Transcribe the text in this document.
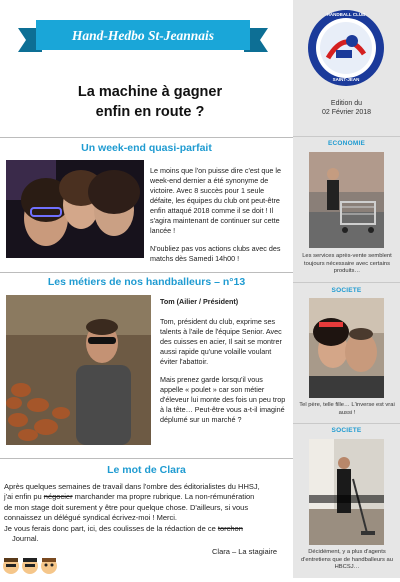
Hand-Hedbo St-Jeannais
La machine à gagner
enfin en route ?
Un week-end quasi-parfait
Le moins que l'on puisse dire c'est que le week-end dernier a été synonyme de victoire. Avec 8 succès pour 1 seule défaite, les équipes du club ont peut-être enfin attaqué 2018 comme il se doit ! Il s'agira maintenant de continuer sur cette lancée !
N'oubliez pas vos actions clubs avec des matchs dès Samedi 14h00 !
Les métiers de nos handballeurs – n°13
Tom (Ailier / Président)
Tom, président du club, exprime ses talents à l'aile de l'équipe Senior. Avec des cuisses en acier, Il sait se montrer aussi rapide qu'une volaille voulant éviter l'abattoir.
Mais prenez garde lorsqu'il vous appelle « poulet » car son métier d'éleveur lui monte des fois un peu trop à la tête… Peut-être vous a-t-il imaginé déplumé sur un marché ?
Le mot de Clara
Après quelques semaines de travail dans l'ombre des éditorialistes du HHSJ,
j'ai enfin pu négocier marchander ma propre rubrique. La non-rémunération
de mon stage doit surement y être pour quelque chose. D'ailleurs, si vous
connaissez un délégué syndical écrivez-moi ! Merci.
Je vous ferais donc part, ici, des coulisses de la rédaction de ce torchon
Journal.
Clara – La stagiaire
HANDBALL CLUB
SAINT-JEAN
Edition du
02 Février 2018
ECONOMIE
Les services après-vente semblent toujours nécessaire avec certains produits…
SOCIETE
Tel père, telle fille… L'inverse est vrai aussi !
SOCIETE
Décidément, y a plus d'agents d'entretiens que de handballeurs au HBCSJ…
